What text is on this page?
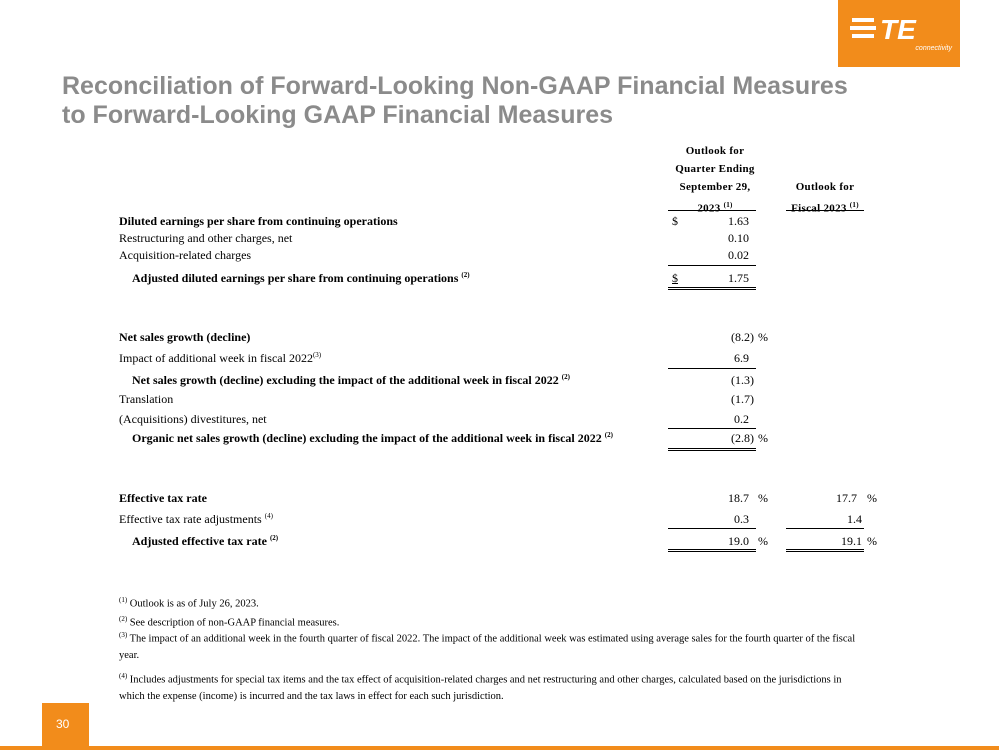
TE
connectivity
Reconciliation of Forward-Looking Non-GAAP Financial Measures
to Forward-Looking GAAP Financial Measures
Outlook for
Quarter Ending
September 29,
2023 $^{(1)}$
Outlook for
Fiscal 2023 $^{(1)}$
Diluted earnings per share from continuing operations	$	1.63
Restructuring and other charges, net	0.10
Acquisition-related charges	0.02
Adjusted diluted earnings per share from continuing operations $^{(2)}$	$	1.75
Net sales growth (decline)	(8.2) %
Impact of additional week in fiscal 2022$^{(3)}$	6.9
Net sales growth (decline) excluding the impact of the additional week in fiscal 2022 $^{(2)}$	(1.3)
Translation	(1.7)
(Acquisitions) divestitures, net	0.2
Organic net sales growth (decline) excluding the impact of the additional week in fiscal 2022 $^{(2)}$	(2.8) %
Effective tax rate	18.7 %	17.7 %
Effective tax rate adjustments $^{(4)}$	0.3	1.4
Adjusted effective tax rate $^{(2)}$	19.0 %	19.1 %
$^{(1)}$ Outlook is as of July 26, 2023.
$^{(2)}$ See description of non-GAAP financial measures.
$^{(3)}$ The impact of an additional week in the fourth quarter of fiscal 2022. The impact of the additional week was estimated using average sales for the fourth quarter of the fiscal year.
$^{(4)}$ Includes adjustments for special tax items and the tax effect of acquisition-related charges and net restructuring and other charges, calculated based on the jurisdictions in which the expense (income) is incurred and the tax laws in effect for each such jurisdiction.
30
